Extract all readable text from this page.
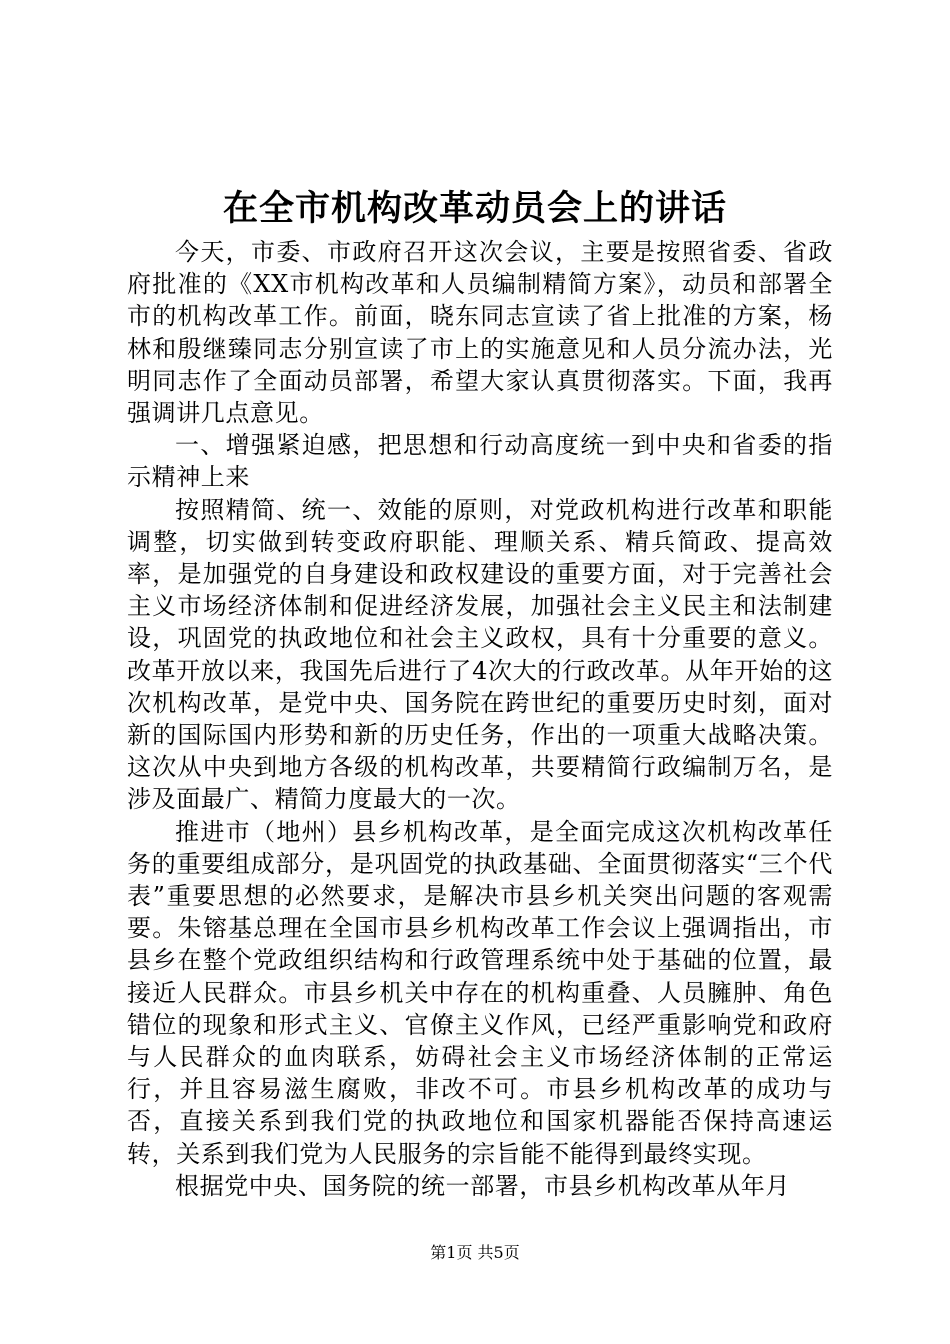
在全市机构改革动员会上的讲话

今天，市委、市政府召开这次会议，主要是按照省委、省政府批准的《XX市机构改革和人员编制精简方案》，动员和部署全市的机构改革工作。前面，晓东同志宣读了省上批准的方案，杨林和殷继臻同志分别宣读了市上的实施意见和人员分流办法，光明同志作了全面动员部署，希望大家认真贯彻落实。下面，我再强调讲几点意见。

一、增强紧迫感，把思想和行动高度统一到中央和省委的指示精神上来

按照精简、统一、效能的原则，对党政机构进行改革和职能调整，切实做到转变政府职能、理顺关系、精兵简政、提高效率，是加强党的自身建设和政权建设的重要方面，对于完善社会主义市场经济体制和促进经济发展，加强社会主义民主和法制建设，巩固党的执政地位和社会主义政权，具有十分重要的意义。改革开放以来，我国先后进行了4次大的行政改革。从年开始的这次机构改革，是党中央、国务院在跨世纪的重要历史时刻，面对新的国际国内形势和新的历史任务，作出的一项重大战略决策。这次从中央到地方各级的机构改革，共要精简行政编制万名，是涉及面最广、精简力度最大的一次。

推进市（地州）县乡机构改革，是全面完成这次机构改革任务的重要组成部分，是巩固党的执政基础、全面贯彻落实“三个代表”重要思想的必然要求，是解决市县乡机关突出问题的客观需要。朱镕基总理在全国市县乡机构改革工作会议上强调指出，市县乡在整个党政组织结构和行政管理系统中处于基础的位置，最接近人民群众。市县乡机关中存在的机构重叠、人员臃肿、角色错位的现象和形式主义、官僚主义作风，已经严重影响党和政府与人民群众的血肉联系，妨碍社会主义市场经济体制的正常运行，并且容易滋生腐败，非改不可。市县乡机构改革的成功与否，直接关系到我们党的执政地位和国家机器能否保持高速运转，关系到我们党为人民服务的宗旨能不能得到最终实现。

根据党中央、国务院的统一部署，市县乡机构改革从年月

第1页 共5页
